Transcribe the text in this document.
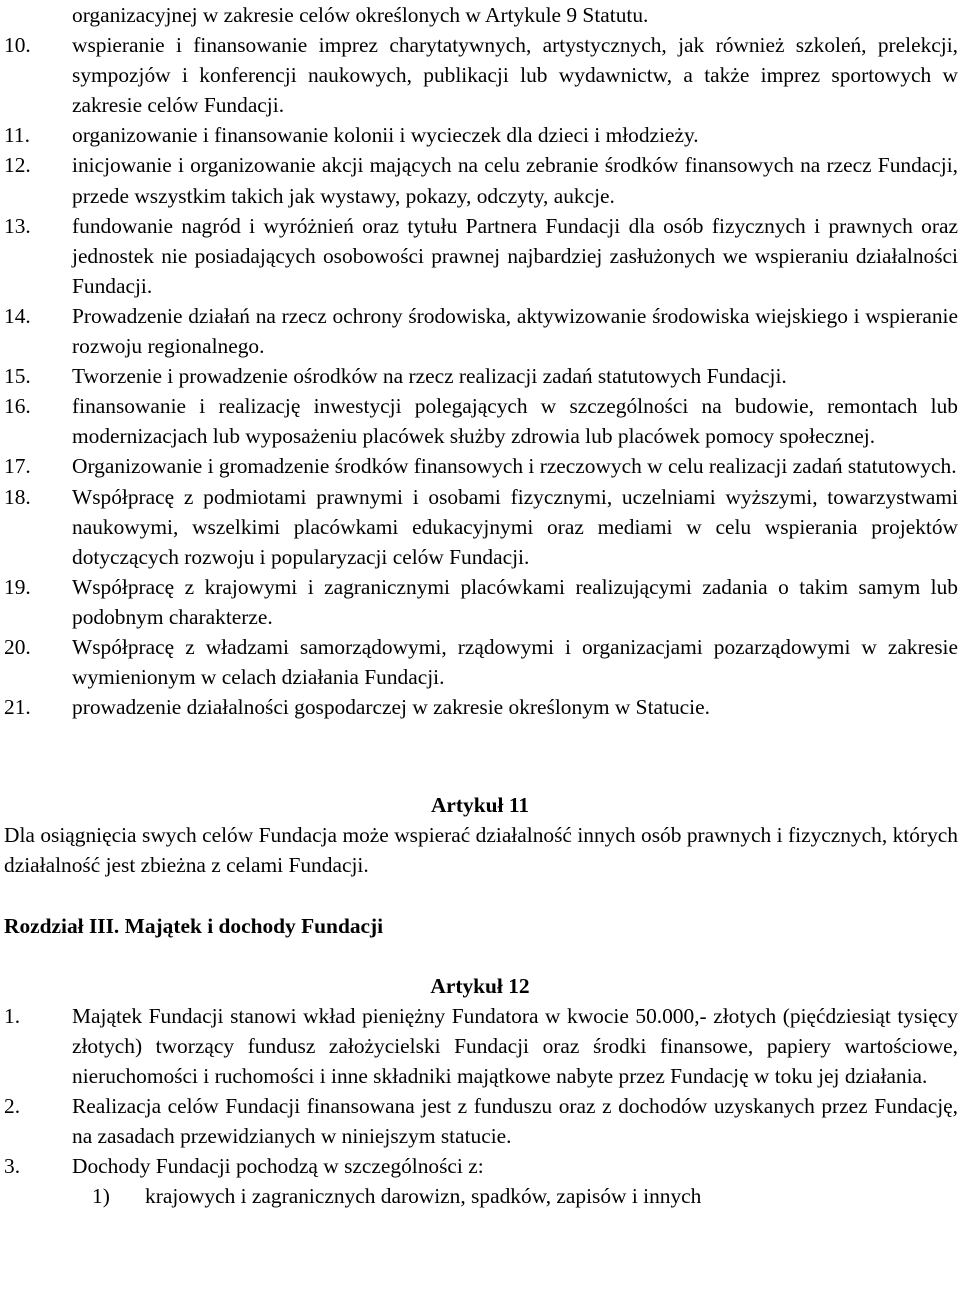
organizacyjnej w zakresie celów określonych w Artykule 9 Statutu.
10. wspieranie i finansowanie imprez charytatywnych, artystycznych, jak również szkoleń, prelekcji, sympozjów i konferencji naukowych, publikacji lub wydawnictw, a także imprez sportowych w zakresie celów Fundacji.
11. organizowanie i finansowanie kolonii i wycieczek dla dzieci i młodzieży.
12. inicjowanie i organizowanie akcji mających na celu zebranie środków finansowych na rzecz Fundacji, przede wszystkim takich jak wystawy, pokazy, odczyty, aukcje.
13. fundowanie nagród i wyróżnień oraz tytułu Partnera Fundacji dla osób fizycznych i prawnych oraz jednostek nie posiadających osobowości prawnej najbardziej zasłużonych we wspieraniu działalności Fundacji.
14. Prowadzenie działań na rzecz ochrony środowiska, aktywizowanie środowiska wiejskiego i wspieranie rozwoju regionalnego.
15. Tworzenie i prowadzenie ośrodków na rzecz realizacji zadań statutowych Fundacji.
16. finansowanie i realizację inwestycji polegających w szczególności na budowie, remontach lub modernizacjach lub wyposażeniu placówek służby zdrowia lub placówek pomocy społecznej.
17. Organizowanie i gromadzenie środków finansowych i rzeczowych w celu realizacji zadań statutowych.
18. Współpracę z podmiotami prawnymi i osobami fizycznymi, uczelniami wyższymi, towarzystwami naukowymi, wszelkimi placówkami edukacyjnymi oraz mediami w celu wspierania projektów dotyczących rozwoju i popularyzacji celów Fundacji.
19. Współpracę z krajowymi i zagranicznymi placówkami realizującymi zadania o takim samym lub podobnym charakterze.
20. Współpracę z władzami samorządowymi, rządowymi i organizacjami pozarządowymi w zakresie wymienionym w celach działania Fundacji.
21. prowadzenie działalności gospodarczej w zakresie określonym w Statucie.
Artykuł 11
Dla osiągnięcia swych celów Fundacja może wspierać działalność innych osób prawnych i fizycznych, których działalność jest zbieżna z celami Fundacji.
Rozdział III. Majątek i dochody Fundacji
Artykuł 12
1. Majątek Fundacji stanowi wkład pieniężny Fundatora w kwocie 50.000,- złotych (pięćdziesiąt tysięcy złotych) tworzący fundusz założycielski Fundacji oraz środki finansowe, papiery wartościowe, nieruchomości i ruchomości i inne składniki majątkowe nabyte przez Fundację w toku jej działania.
2. Realizacja celów Fundacji finansowana jest z funduszu oraz z dochodów uzyskanych przez Fundację, na zasadach przewidzianych w niniejszym statucie.
3. Dochody Fundacji pochodzą w szczególności z:
1) krajowych i zagranicznych darowizn, spadków, zapisów i innych
